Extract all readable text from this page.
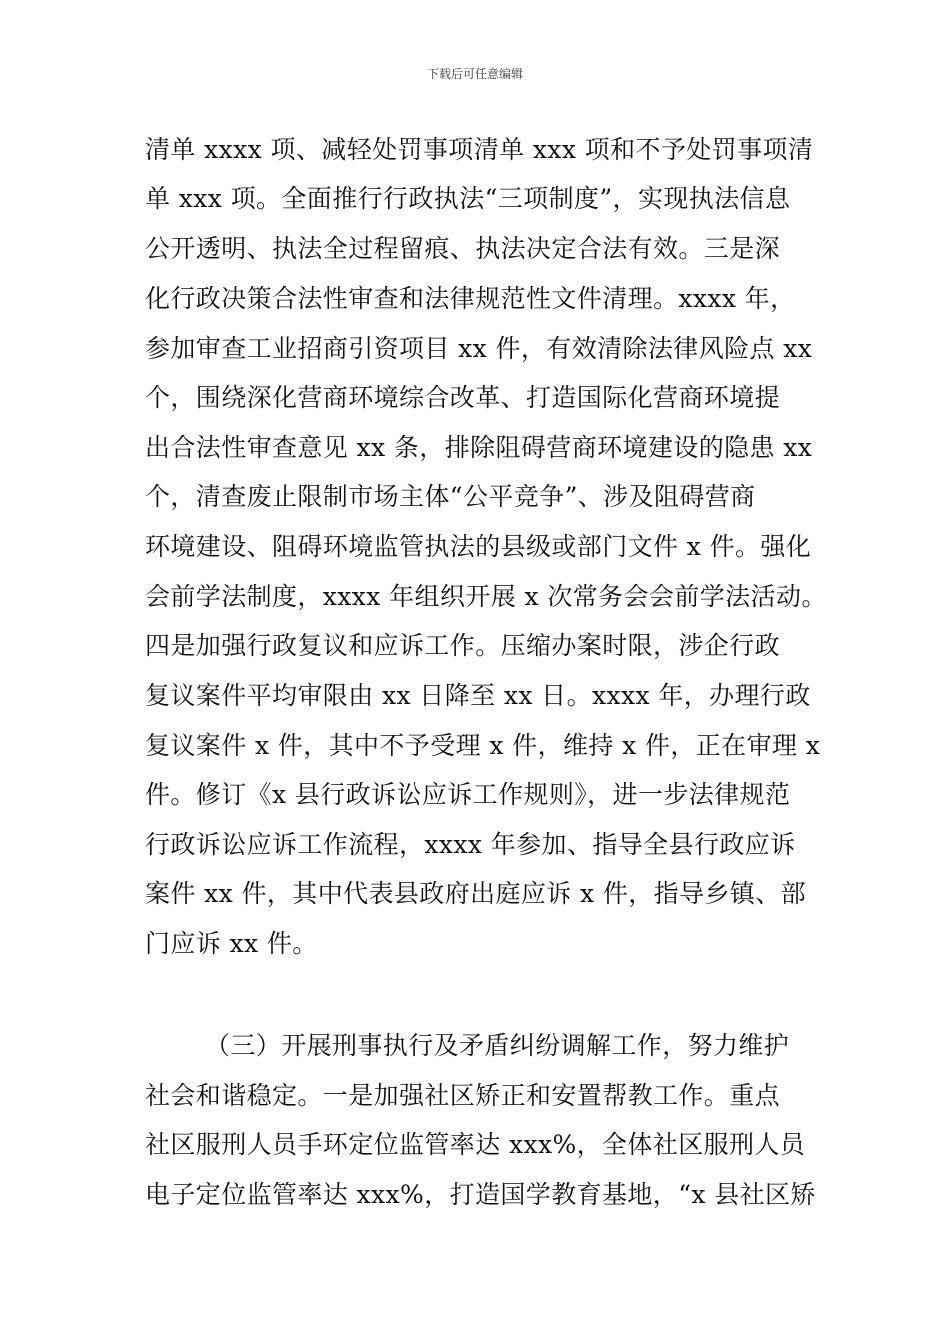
下载后可任意编辑
清单 xxxx 项、减轻处罚事项清单 xxx 项和不予处罚事项清
单 xxx 项。全面推行行政执法“三项制度”，实现执法信息
公开透明、执法全过程留痕、执法决定合法有效。三是深
化行政决策合法性审查和法律规范性文件清理。xxxx 年，
参加审查工业招商引资项目 xx 件，有效清除法律风险点 xx
个，围绕深化营商环境综合改革、打造国际化营商环境提
出合法性审查意见 xx 条，排除阻碍营商环境建设的隐患 xx
个，清查废止限制市场主体“公平竞争”、涉及阻碍营商
环境建设、阻碍环境监管执法的县级或部门文件 x 件。强化
会前学法制度，xxxx 年组织开展 x 次常务会会前学法活动。
四是加强行政复议和应诉工作。压缩办案时限，涉企行政
复议案件平均审限由 xx 日降至 xx 日。xxxx 年，办理行政
复议案件 x 件，其中不予受理 x 件，维持 x 件，正在审理 x
件。修订《x 县行政诉讼应诉工作规则》，进一步法律规范
行政诉讼应诉工作流程，xxxx 年参加、指导全县行政应诉
案件 xx 件，其中代表县政府出庭应诉 x 件，指导乡镇、部
门应诉 xx 件。
（三）开展刑事执行及矛盾纠纷调解工作，努力维护
社会和谐稳定。一是加强社区矫正和安置帮教工作。重点
社区服刑人员手环定位监管率达 xxx%，全体社区服刑人员
电子定位监管率达 xxx%，打造国学教育基地，“x 县社区矫
